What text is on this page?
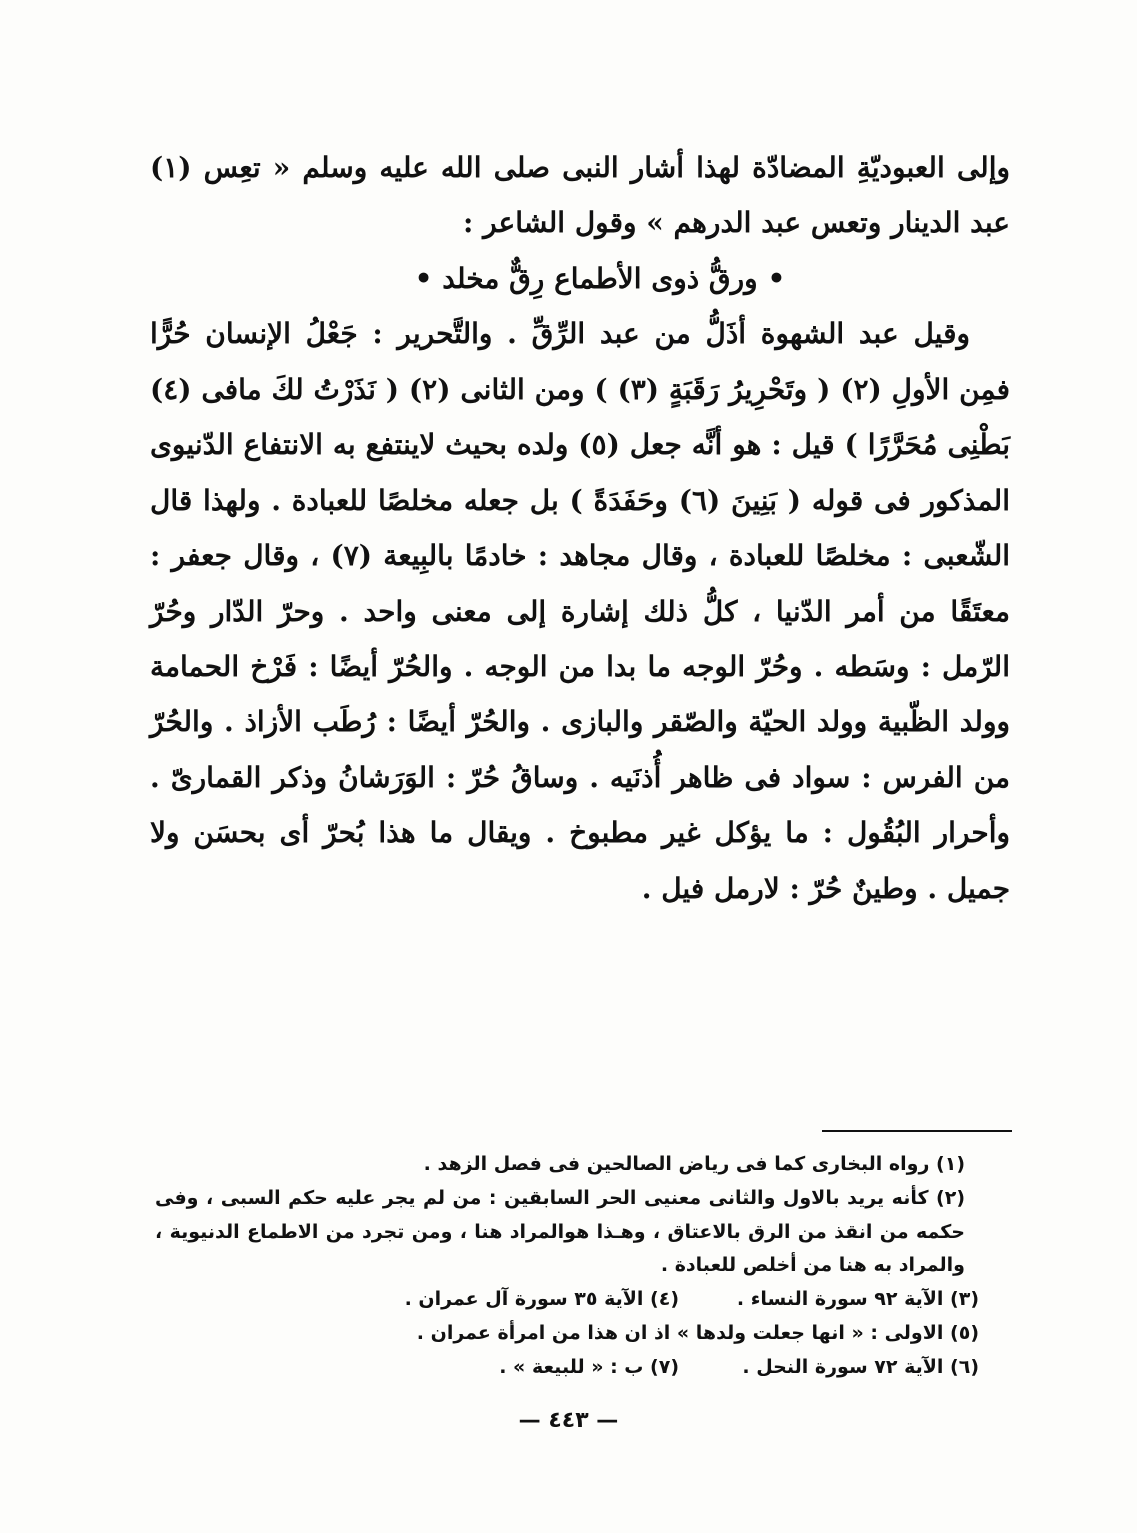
وإلى العبوديّةِ المضادّة لهذا أشار النبى صلى الله عليه وسلم « تعِس (١) عبد الدينار وتعس عبد الدرهم » وقول الشاعر :

• ورقُّ ذوى الأطماع رِقٌّ مخلد •

وقيل عبد الشهوة أذَلُّ من عبد الرِّقِّ . والتَّحرير : جَعْلُ الإنسان حُرًّا فمِن الأولِ (٢) ( وتَحْرِيرُ رَقَبَةٍ (٣) ) ومن الثانى (٢) ( نَذَرْتُ لكَ مافى (٤) بَطْنِى مُحَرَّرًا ) قيل : هو أنَّه جعل (٥) ولده بحيث لاينتفع به الانتفاع الدّنيوى المذكور فى قوله ( بَنِينَ (٦) وحَفَدَةً ) بل جعله مخلصًا للعبادة . ولهذا قال الشّعبى : مخلصًا للعبادة ، وقال مجاهد : خادمًا بالبِيعة (٧) ، وقال جعفر : معتَقًا من أمر الدّنيا ، كلُّ ذلك إشارة إلى معنى واحد . وحرّ الدّار وحُرّ الرّمل : وسَطه . وحُرّ الوجه ما بدا من الوجه . والحُرّ أيضًا : فَرْخ الحمامة وولد الظّبية وولد الحيّة والصّقر والبازى . والحُرّ أيضًا : رُطَب الأزاذ . والحُرّ من الفرس : سواد فى ظاهر أُذنَيه . وساقُ حُرّ : الوَرَشانُ وذكر القمارىّ . وأحرار البُقُول : ما يؤكل غير مطبوخ . ويقال ما هذا بُحرّ أى بحسَن ولا جميل . وطينٌ حُرّ : لارمل فيل .

(١) رواه البخارى كما فى رياض الصالحين فى فصل الزهد .

(٢) كأنه يريد بالاول والثانى معنيى الحر السابقين : من لم يجر عليه حكم السبى ، وفى حكمه من انقذ من الرق بالاعتاق ، وهـذا هوالمراد هنا ، ومن تجرد من الاطماع الدنيوية ، والمراد به هنا من أخلص للعبادة .

(٣) الآية ٩٢ سورة النساء .
(٤) الآية ٣٥ سورة آل عمران .
(٥) الاولى : « انها جعلت ولدها » اذ ان هذا من امرأة عمران .
(٦) الآية ٧٢ سورة النحل .
(٧) ب : « للبيعة » .
— ٤٤٣ —
